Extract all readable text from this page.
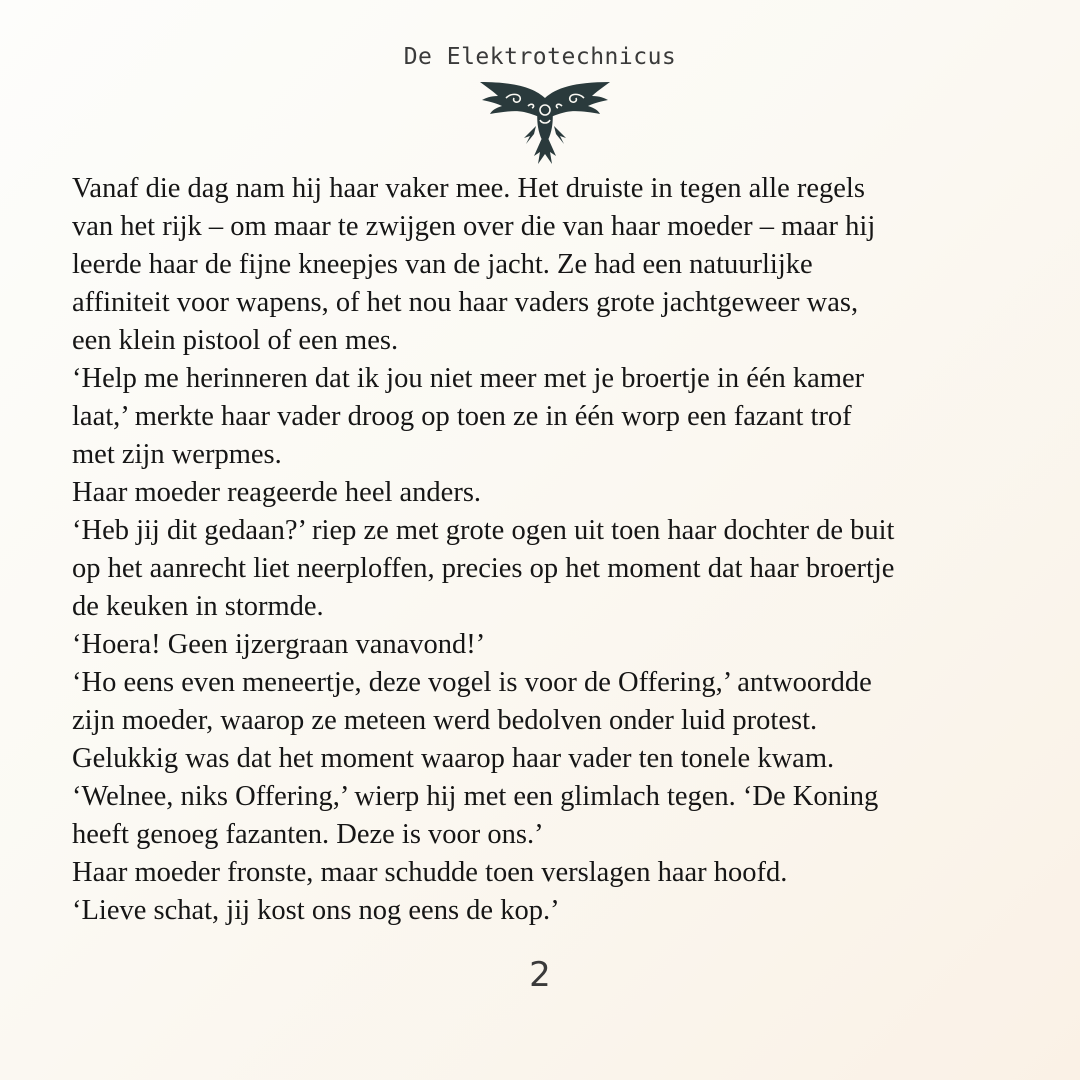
De Elektrotechnicus

Vanaf die dag nam hij haar vaker mee. Het druiste in tegen alle regels
van het rijk – om maar te zwijgen over die van haar moeder – maar hij
leerde haar de fijne kneepjes van de jacht. Ze had een natuurlijke
affiniteit voor wapens, of het nou haar vaders grote jachtgeweer was,
een klein pistool of een mes.

‘Help me herinneren dat ik jou niet meer met je broertje in één kamer
laat,’ merkte haar vader droog op toen ze in één worp een fazant trof
met zijn werpmes.

Haar moeder reageerde heel anders.

‘Heb jij dit gedaan?’ riep ze met grote ogen uit toen haar dochter de buit
op het aanrecht liet neerploffen, precies op het moment dat haar broertje
de keuken in stormde.

‘Hoera! Geen ijzergraan vanavond!’

‘Ho eens even meneertje, deze vogel is voor de Offering,’ antwoordde
zijn moeder, waarop ze meteen werd bedolven onder luid protest.

Gelukkig was dat het moment waarop haar vader ten tonele kwam.

‘Welnee, niks Offering,’ wierp hij met een glimlach tegen. ‘De Koning
heeft genoeg fazanten. Deze is voor ons.’

Haar moeder fronste, maar schudde toen verslagen haar hoofd.

‘Lieve schat, jij kost ons nog eens de kop.’

2
